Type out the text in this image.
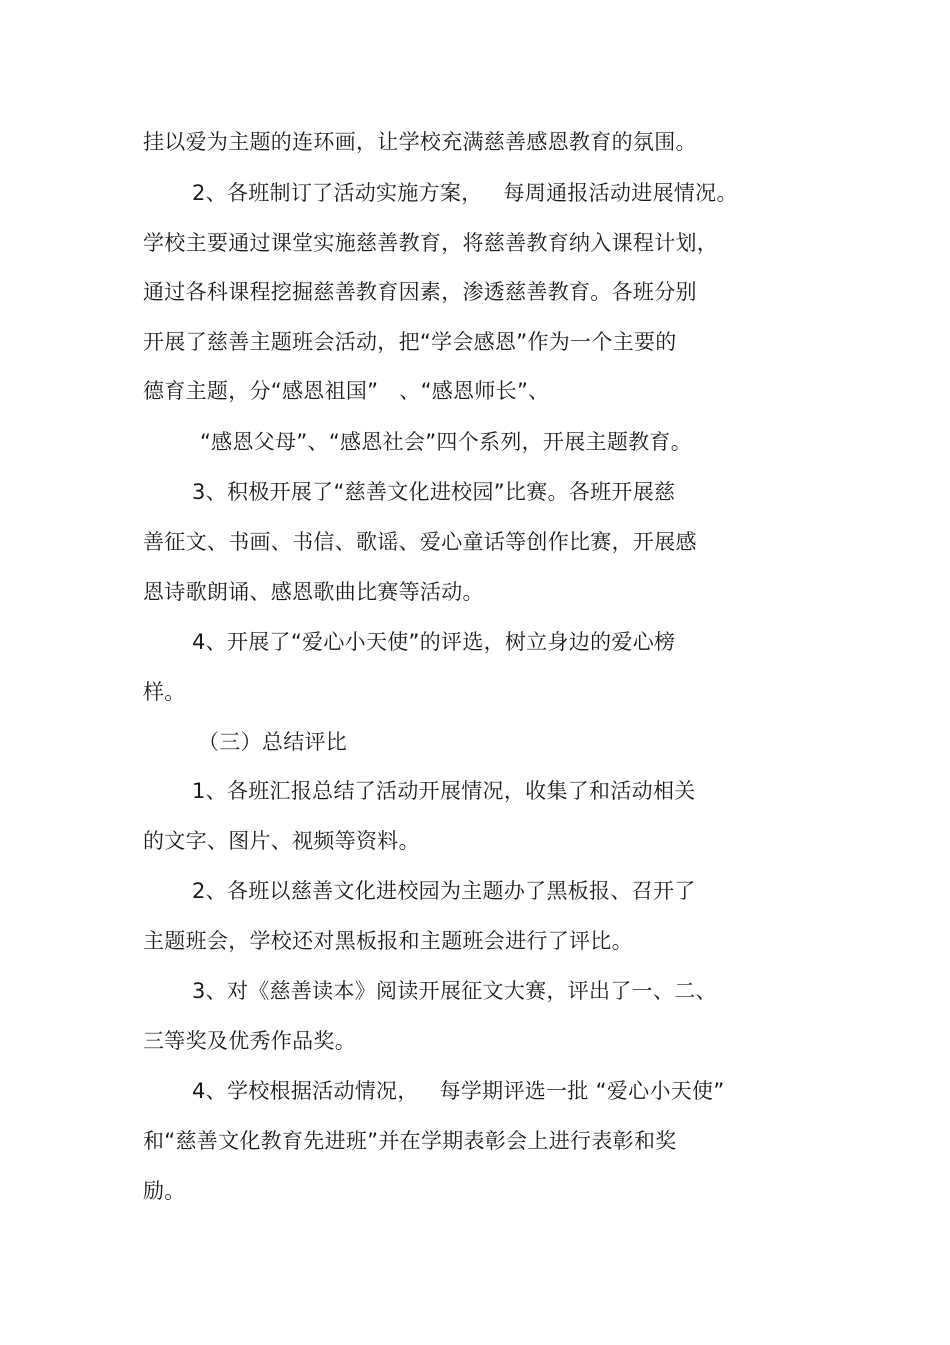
挂以爱为主题的连环画，让学校充满慈善感恩教育的氛围。
2、各班制订了活动实施方案，   每周通报活动进展情况。
学校主要通过课堂实施慈善教育，将慈善教育纳入课程计划，
通过各科课程挖掘慈善教育因素，渗透慈善教育。各班分别
开展了慈善主题班会活动，把“学会感恩”作为一个主要的
德育主题，分“感恩祖国”   、“感恩师长”、
“感恩父母”、“感恩社会”四个系列，开展主题教育。
3、积极开展了“慈善文化进校园”比赛。各班开展慈
善征文、书画、书信、歌谣、爱心童话等创作比赛，开展感
恩诗歌朗诵、感恩歌曲比赛等活动。
4、开展了“爱心小天使”的评选，树立身边的爱心榜
样。
（三）总结评比
1、各班汇报总结了活动开展情况，收集了和活动相关
的文字、图片、视频等资料。
2、各班以慈善文化进校园为主题办了黑板报、召开了
主题班会，学校还对黑板报和主题班会进行了评比。
3、对《慈善读本》阅读开展征文大赛，评出了一、二、
三等奖及优秀作品奖。
4、学校根据活动情况，   每学期评选一批 “爱心小天使”
和“慈善文化教育先进班”并在学期表彰会上进行表彰和奖
励。
